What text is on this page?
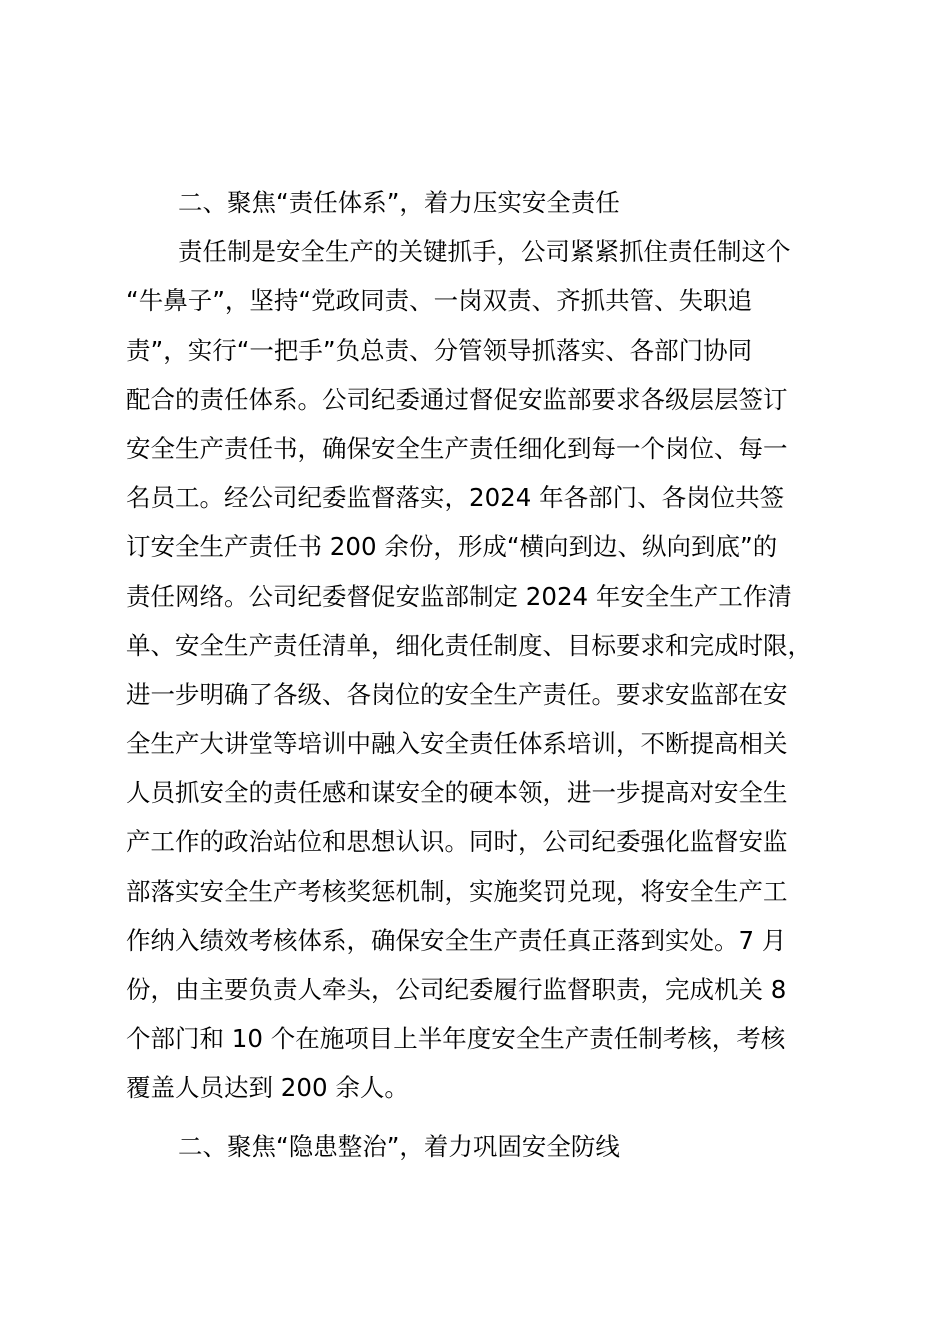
二、聚焦“责任体系”，着力压实安全责任
责任制是安全生产的关键抓手，公司紧紧抓住责任制这个
“牛鼻子”，坚持“党政同责、一岗双责、齐抓共管、失职追
责”，实行“一把手”负总责、分管领导抓落实、各部门协同
配合的责任体系。公司纪委通过督促安监部要求各级层层签订
安全生产责任书，确保安全生产责任细化到每一个岗位、每一
名员工。经公司纪委监督落实，2024 年各部门、各岗位共签
订安全生产责任书 200 余份，形成“横向到边、纵向到底”的
责任网络。公司纪委督促安监部制定 2024 年安全生产工作清
单、安全生产责任清单，细化责任制度、目标要求和完成时限，
进一步明确了各级、各岗位的安全生产责任。要求安监部在安
全生产大讲堂等培训中融入安全责任体系培训，不断提高相关
人员抓安全的责任感和谋安全的硬本领，进一步提高对安全生
产工作的政治站位和思想认识。同时，公司纪委强化监督安监
部落实安全生产考核奖惩机制，实施奖罚兑现，将安全生产工
作纳入绩效考核体系，确保安全生产责任真正落到实处。7 月
份，由主要负责人牵头，公司纪委履行监督职责，完成机关 8
个部门和 10 个在施项目上半年度安全生产责任制考核，考核
覆盖人员达到 200 余人。
二、聚焦“隐患整治”，着力巩固安全防线
